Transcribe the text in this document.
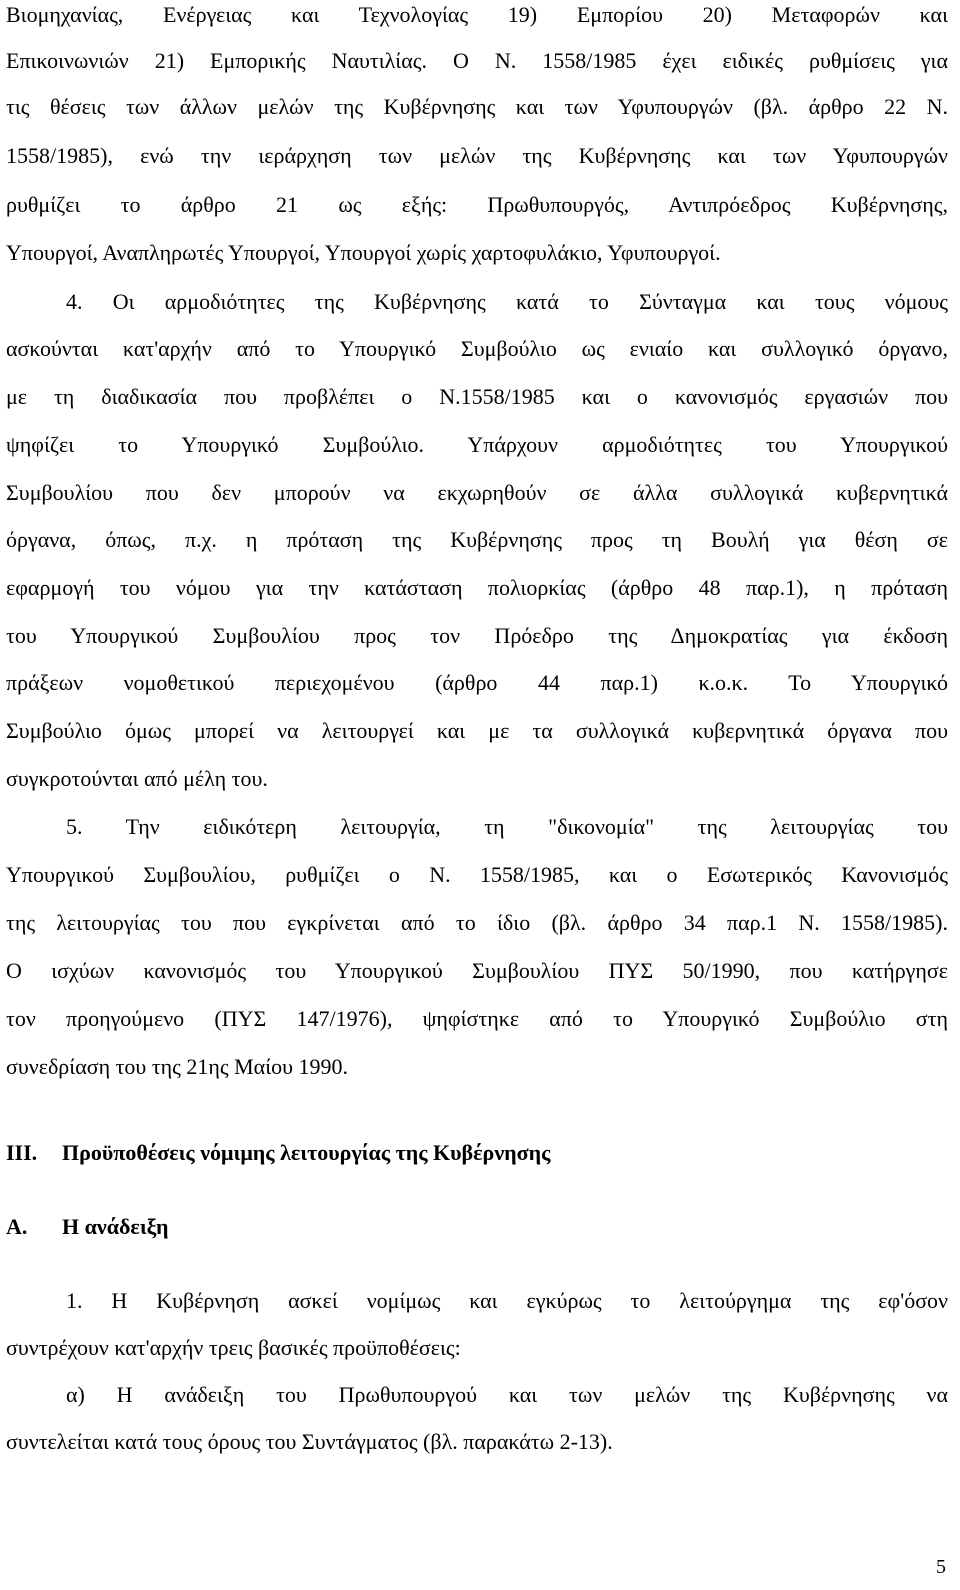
Βιομηχανίας, Ενέργειας και Τεχνολογίας 19) Εμπορίου 20) Μεταφορών και
Επικοινωνιών 21) Εμπορικής Ναυτιλίας. Ο Ν. 1558/1985 έχει ειδικές ρυθμίσεις για
τις θέσεις των άλλων μελών της Κυβέρνησης και των Υφυπουργών (βλ. άρθρο 22 Ν.
1558/1985), ενώ την ιεράρχηση των μελών της Κυβέρνησης και των Υφυπουργών
ρυθμίζει το άρθρο 21 ως εξής: Πρωθυπουργός, Αντιπρόεδρος Κυβέρνησης,
Υπουργοί, Αναπληρωτές Υπουργοί, Υπουργοί χωρίς χαρτοφυλάκιο, Υφυπουργοί.
4. Οι αρμοδιότητες της Κυβέρνησης κατά το Σύνταγμα και τους νόμους
ασκούνται κατ'αρχήν από το Υπουργικό Συμβούλιο ως ενιαίο και συλλογικό όργανο,
με τη διαδικασία που προβλέπει ο Ν.1558/1985 και ο κανονισμός εργασιών που
ψηφίζει το Υπουργικό Συμβούλιο. Υπάρχουν αρμοδιότητες του Υπουργικού
Συμβουλίου που δεν μπορούν να εκχωρηθούν σε άλλα συλλογικά κυβερνητικά
όργανα, όπως, π.χ. η πρόταση της Κυβέρνησης προς τη Βουλή για θέση σε
εφαρμογή του νόμου για την κατάσταση πολιορκίας (άρθρο 48 παρ.1), η πρόταση
του Υπουργικού Συμβουλίου προς τον Πρόεδρο της Δημοκρατίας για έκδοση
πράξεων νομοθετικού περιεχομένου (άρθρο 44 παρ.1) κ.ο.κ. Το Υπουργικό
Συμβούλιο όμως μπορεί να λειτουργεί και με τα συλλογικά κυβερνητικά όργανα που
συγκροτούνται από μέλη του.
5. Την ειδικότερη λειτουργία, τη "δικονομία" της λειτουργίας του
Υπουργικού Συμβουλίου, ρυθμίζει ο Ν. 1558/1985, και ο Εσωτερικός Κανονισμός
της λειτουργίας του που εγκρίνεται από το ίδιο (βλ. άρθρο 34 παρ.1 Ν. 1558/1985).
Ο ισχύων κανονισμός του Υπουργικού Συμβουλίου ΠΥΣ 50/1990, που κατήργησε
τον προηγούμενο (ΠΥΣ 147/1976), ψηφίστηκε από το Υπουργικό Συμβούλιο στη
συνεδρίαση του της 21ης Μαίου 1990.
ΙΙΙ. Προϋποθέσεις νόμιμης λειτουργίας της Κυβέρνησης
Α. Η ανάδειξη
1. Η Κυβέρνηση ασκεί νομίμως και εγκύρως το λειτούργημα της εφ'όσον
συντρέχουν κατ'αρχήν τρεις βασικές προϋποθέσεις:
α) Η ανάδειξη του Πρωθυπουργού και των μελών της Κυβέρνησης να
συντελείται κατά τους όρους του Συντάγματος (βλ. παρακάτω 2-13).
5
